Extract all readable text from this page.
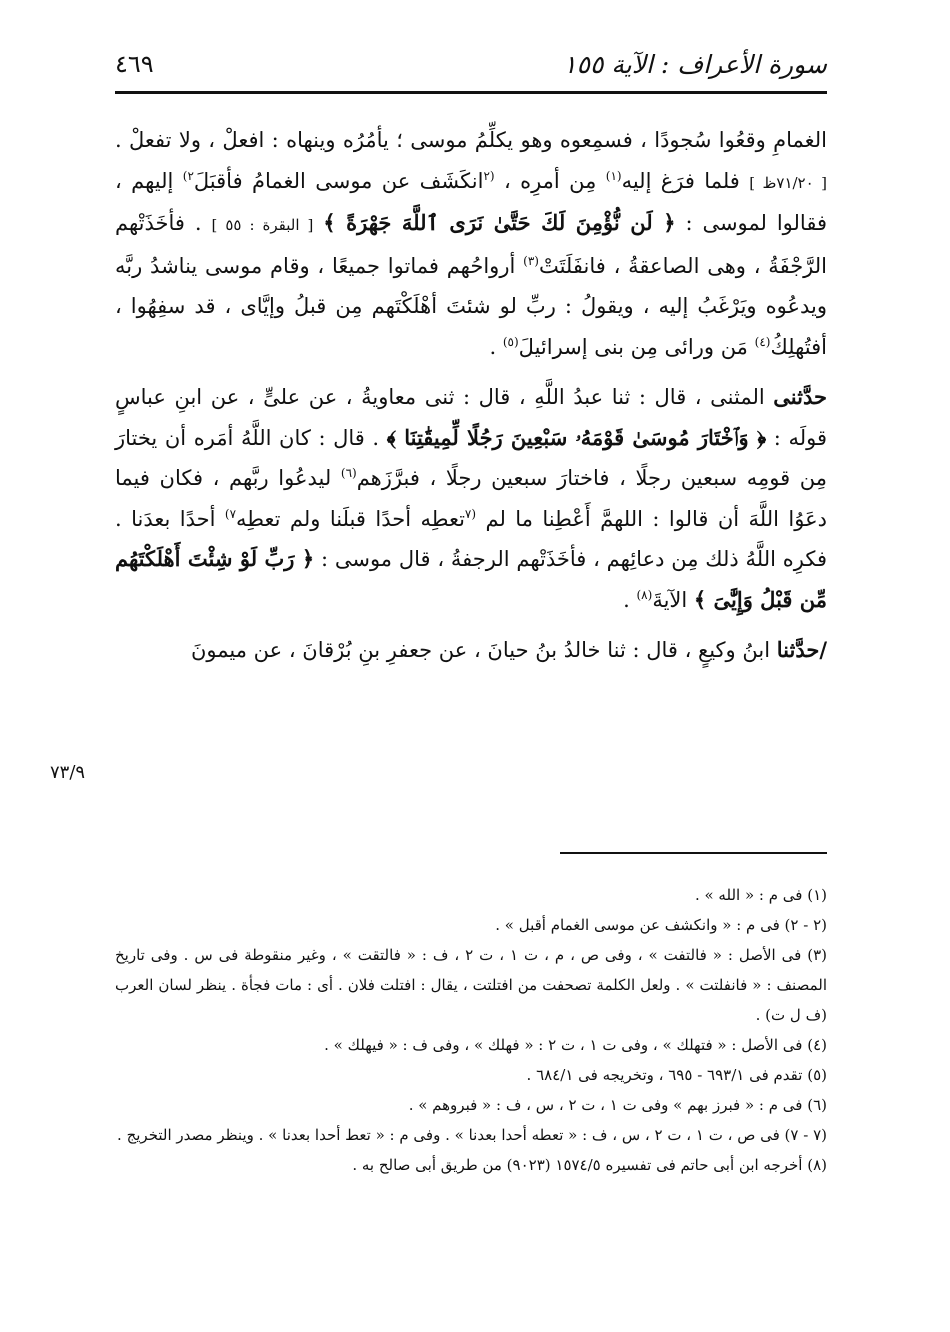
٤٦٩	سورة الأعراف : الآية ١٥٥

الغمامِ وقعُوا سُجودًا ، فسمِعوه وهو يكلِّمُ موسى ؛ يأمُرُه وينهاه : افعلْ ، ولا تفعلْ . [ ٧١/٢٠ظ ] فلما فرَغ إليه$^{(١)}$ مِن أمرِه ، $^{(٢}$انكَشَف عن موسى الغمامُ فأقبَلَ$^{٢)}$ إليهم ، فقالوا لموسى : ﴿ لَن نُّؤْمِنَ لَكَ حَتَّىٰ نَرَى ٱللَّهَ جَهْرَةً ﴾ [ البقرة : ٥٥ ] . فأخَذَتْهم الرَّجْفَةُ ، وهى الصاعقةُ ، فانفَلَتَتْ$^{(٣)}$ أرواحُهم فماتوا جميعًا ، وقام موسى يناشدُ ربَّه ويدعُوه ويَرْغَبُ إليه ، ويقولُ : ربِّ لو شئتَ أهْلَكْتَهم مِن قبلُ وإيَّاى ، قد سفِهُوا ، أفتُهلِكُ$^{(٤)}$ مَن ورائى مِن بنى إسرائيلَ$^{(٥)}$ .

حدَّثنى المثنى ، قال : ثنا عبدُ اللَّهِ ، قال : ثنى معاويةُ ، عن علىٍّ ، عن ابنِ عباسٍ قولَه : ﴿ وَٱخْتَارَ مُوسَىٰ قَوْمَهُۥ سَبْعِينَ رَجُلًا لِّمِيقَٰتِنَا ﴾ . قال : كان اللَّهُ أمَره أن يختارَ مِن قومِه سبعين رجلًا ، فاختارَ سبعين رجلًا ، فبرَّزَهم$^{(٦)}$ ليدعُوا ربَّهم ، فكان فيما دعَوُا اللَّهَ أن قالوا : اللهمَّ أَعْطِنا ما لم $^{(٧}$تعطِه أحدًا قبلَنا ولم تعطِه$^{٧)}$ أحدًا بعدَنا . فكرِه اللَّهُ ذلك مِن دعائِهم ، فأخَذَتْهم الرجفةُ ، قال موسى : ﴿ رَبِّ لَوْ شِئْتَ أَهْلَكْتَهُم مِّن قَبْلُ وَإِيَّٰىَ ﴾ الآيةَ$^{(٨)}$ .

/حدَّثنا ابنُ وكيعٍ ، قال : ثنا خالدُ بنُ حيانَ ، عن جعفرِ بنِ بُرْقانَ ، عن ميمونَ

٧٣/٩
(١) فى م : « الله » .
(٢ - ٢) فى م : « وانكشف عن موسى الغمام أقبل » .
(٣) فى الأصل : « فالتفت » ، وفى ص ، م ، ت ١ ، ت ٢ ، ف : « فالتقت » ، وغير منقوطة فى س . وفى تاريخ المصنف : « فانفلتت » . ولعل الكلمة تصحفت من افتلتت ، يقال : افتلت فلان . أى : مات فجأة . ينظر لسان العرب (ف ل ت) .
(٤) فى الأصل : « فتهلك » ، وفى ت ١ ، ت ٢ : « فهلك » ، وفى ف : « فيهلك » .
(٥) تقدم فى ٦٩٣/١ - ٦٩٥ ، وتخريجه فى ٦٨٤/١ .
(٦) فى م : « فبرز بهم » وفى ت ١ ، ت ٢ ، س ، ف : « فبروهم » .
(٧ - ٧) فى ص ، ت ١ ، ت ٢ ، س ، ف : « تعطه أحدا بعدنا » . وفى م : « تعط أحدا بعدنا » . وينظر مصدر التخريج .
(٨) أخرجه ابن أبى حاتم فى تفسيره ١٥٧٤/٥ (٩٠٢٣) من طريق أبى صالح به .
